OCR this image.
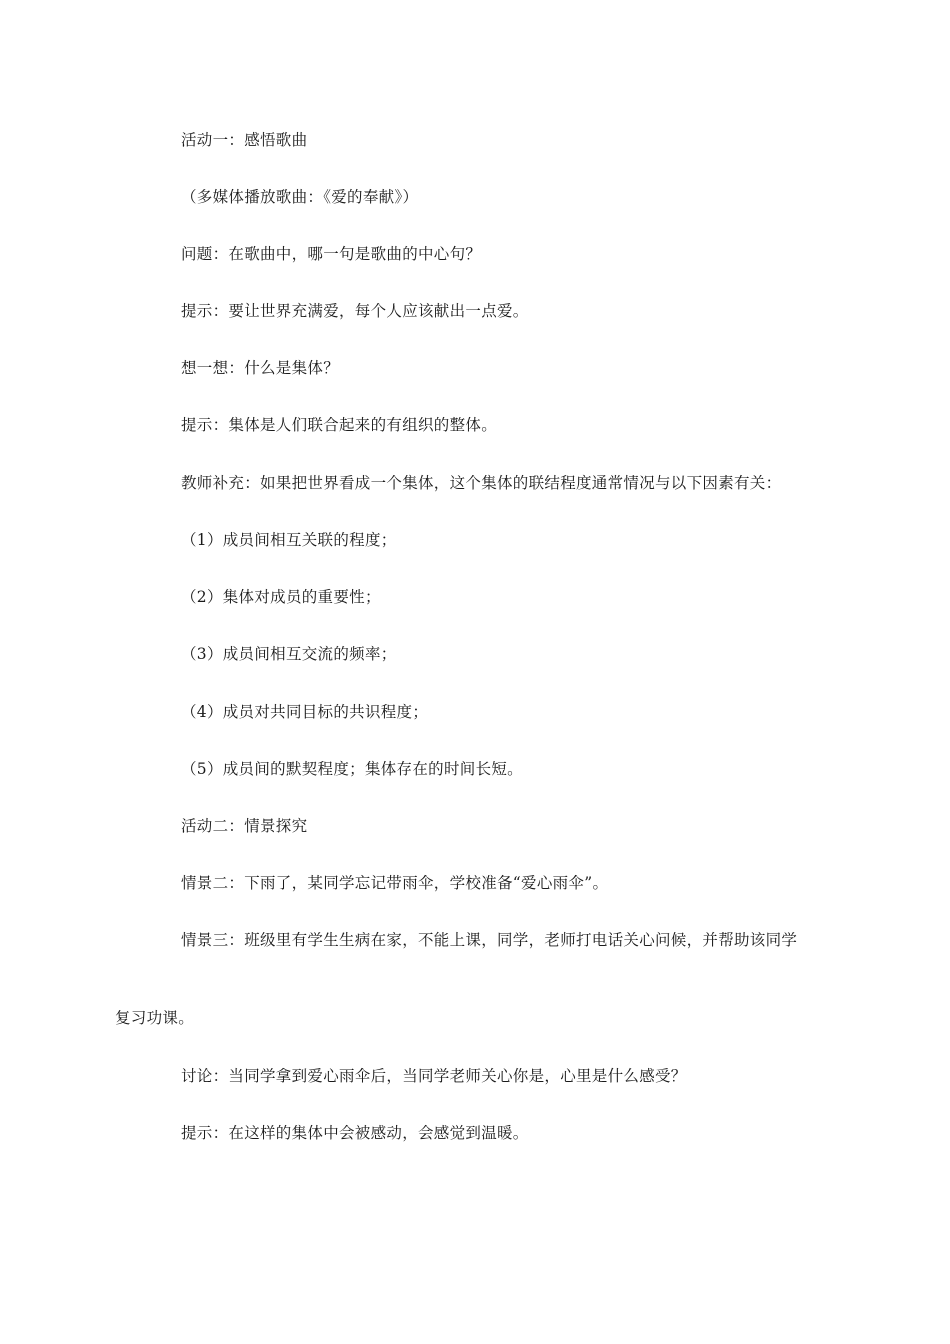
活动一：感悟歌曲
（多媒体播放歌曲：《爱的奉献》）
问题：在歌曲中，哪一句是歌曲的中心句？
提示：要让世界充满爱，每个人应该献出一点爱。
想一想：什么是集体？
提示：集体是人们联合起来的有组织的整体。
教师补充：如果把世界看成一个集体，这个集体的联结程度通常情况与以下因素有关：
（1）成员间相互关联的程度；
（2）集体对成员的重要性；
（3）成员间相互交流的频率；
（4）成员对共同目标的共识程度；
（5）成员间的默契程度；集体存在的时间长短。
活动二：情景探究
情景二：下雨了，某同学忘记带雨伞，学校准备“爱心雨伞”。
情景三：班级里有学生生病在家，不能上课，同学，老师打电话关心问候，并帮助该同学
复习功课。
讨论：当同学拿到爱心雨伞后，当同学老师关心你是，心里是什么感受？
提示：在这样的集体中会被感动，会感觉到温暖。
